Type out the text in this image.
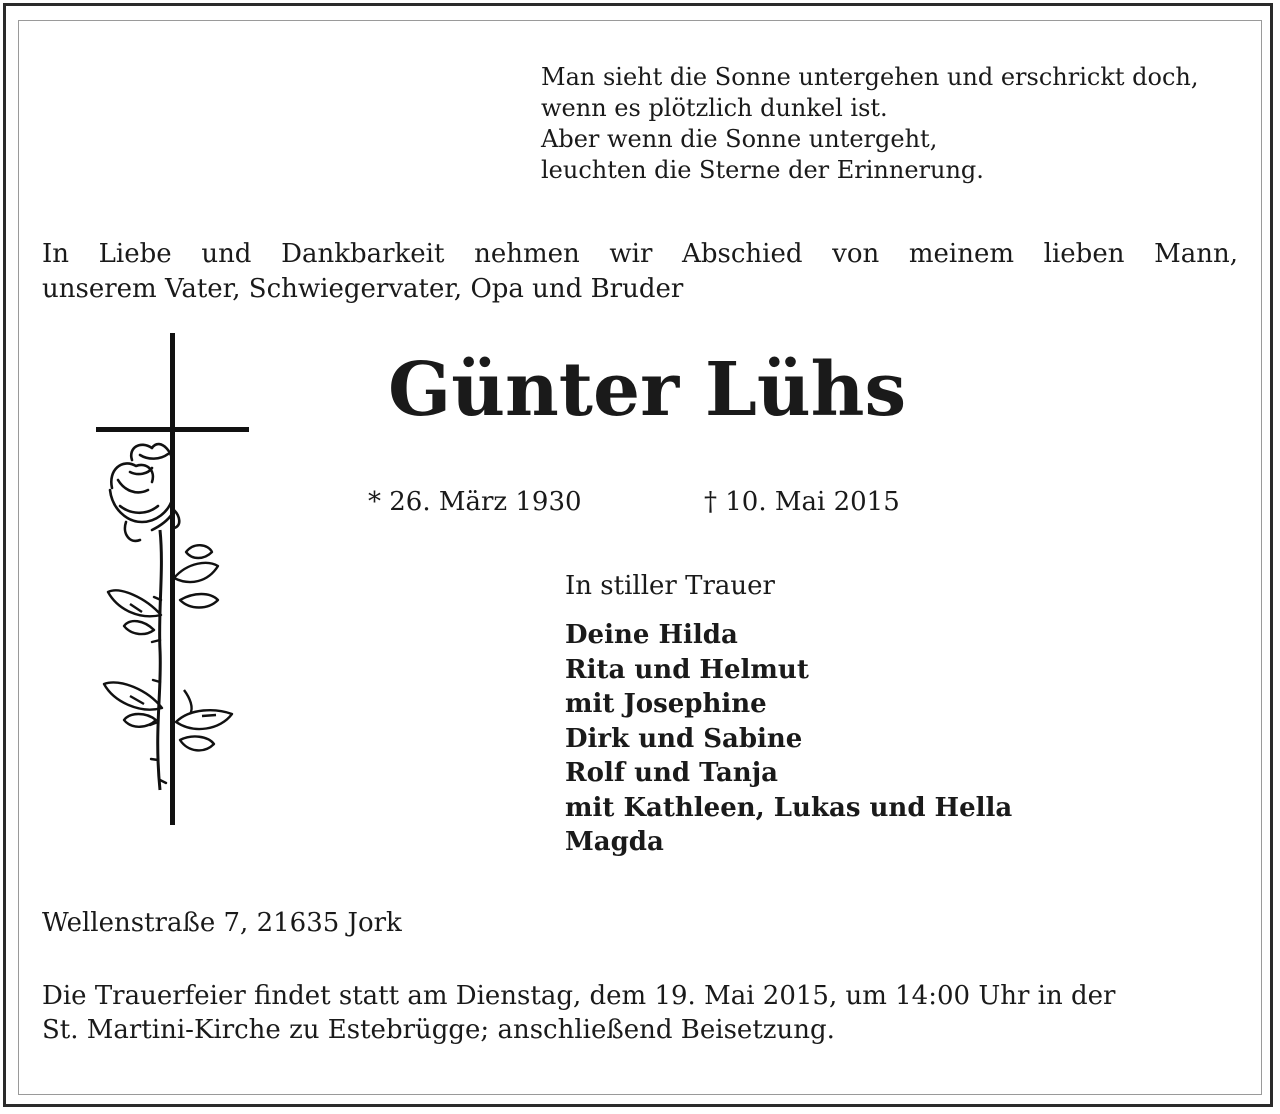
Man sieht die Sonne untergehen und erschrickt doch,
wenn es plötzlich dunkel ist.
Aber wenn die Sonne untergeht,
leuchten die Sterne der Erinnerung.
In Liebe und Dankbarkeit nehmen wir Abschied von meinem lieben Mann,
unserem Vater, Schwiegervater, Opa und Bruder
Günter Lühs
* 26. März 1930	† 10. Mai 2015
In stiller Trauer
Deine Hilda
Rita und Helmut
mit Josephine
Dirk und Sabine
Rolf und Tanja
mit Kathleen, Lukas und Hella
Magda
Wellenstraße 7, 21635 Jork
Die Trauerfeier findet statt am Dienstag, dem 19. Mai 2015, um 14:00 Uhr in der
St. Martini-Kirche zu Estebrügge; anschließend Beisetzung.
